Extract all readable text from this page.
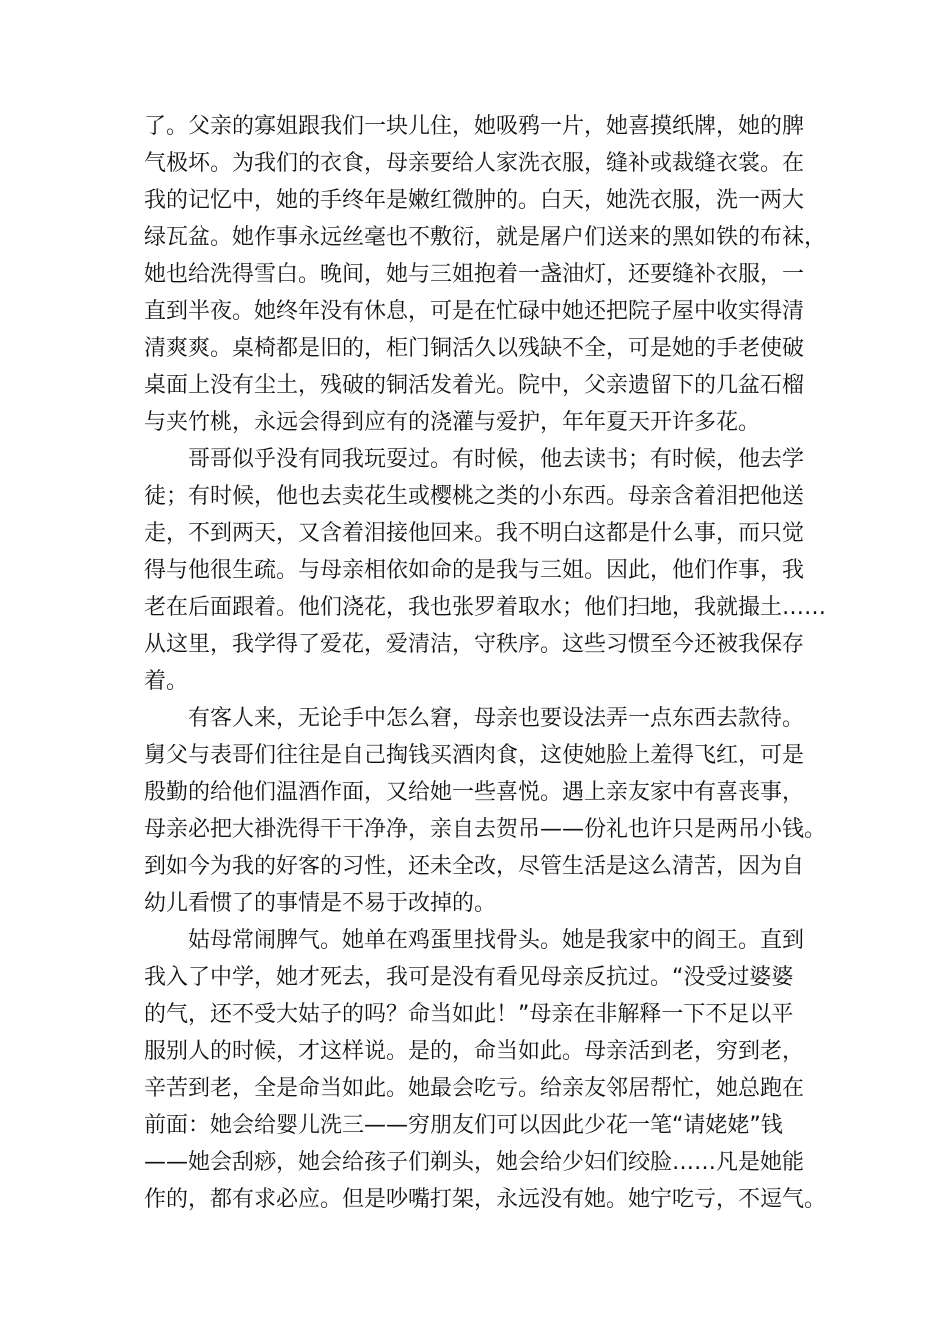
了。父亲的寡姐跟我们一块儿住，她吸鸦一片，她喜摸纸牌，她的脾
气极坏。为我们的衣食，母亲要给人家洗衣服，缝补或裁缝衣裳。在
我的记忆中，她的手终年是嫩红微肿的。白天，她洗衣服，洗一两大
绿瓦盆。她作事永远丝毫也不敷衍，就是屠户们送来的黑如铁的布袜，
她也给洗得雪白。晚间，她与三姐抱着一盏油灯，还要缝补衣服，一
直到半夜。她终年没有休息，可是在忙碌中她还把院子屋中收实得清
清爽爽。桌椅都是旧的，柜门铜活久以残缺不全，可是她的手老使破
桌面上没有尘土，残破的铜活发着光。院中，父亲遗留下的几盆石榴
与夹竹桃，永远会得到应有的浇灌与爱护，年年夏天开许多花。
哥哥似乎没有同我玩耍过。有时候，他去读书；有时候，他去学
徒；有时候，他也去卖花生或樱桃之类的小东西。母亲含着泪把他送
走，不到两天，又含着泪接他回来。我不明白这都是什么事，而只觉
得与他很生疏。与母亲相依如命的是我与三姐。因此，他们作事，我
老在后面跟着。他们浇花，我也张罗着取水；他们扫地，我就撮土……
从这里，我学得了爱花，爱清洁，守秩序。这些习惯至今还被我保存
着。
有客人来，无论手中怎么窘，母亲也要设法弄一点东西去款待。
舅父与表哥们往往是自己掏钱买酒肉食，这使她脸上羞得飞红，可是
殷勤的给他们温酒作面，又给她一些喜悦。遇上亲友家中有喜丧事，
母亲必把大褂洗得干干净净，亲自去贺吊——份礼也许只是两吊小钱。
到如今为我的好客的习性，还未全改，尽管生活是这么清苦，因为自
幼儿看惯了的事情是不易于改掉的。
姑母常闹脾气。她单在鸡蛋里找骨头。她是我家中的阎王。直到
我入了中学，她才死去，我可是没有看见母亲反抗过。“没受过婆婆
的气，还不受大姑子的吗？命当如此！”母亲在非解释一下不足以平
服别人的时候，才这样说。是的，命当如此。母亲活到老，穷到老，
辛苦到老，全是命当如此。她最会吃亏。给亲友邻居帮忙，她总跑在
前面：她会给婴儿洗三——穷朋友们可以因此少花一笔“请姥姥”钱
——她会刮痧，她会给孩子们剃头，她会给少妇们绞脸……凡是她能
作的，都有求必应。但是吵嘴打架，永远没有她。她宁吃亏，不逗气。
